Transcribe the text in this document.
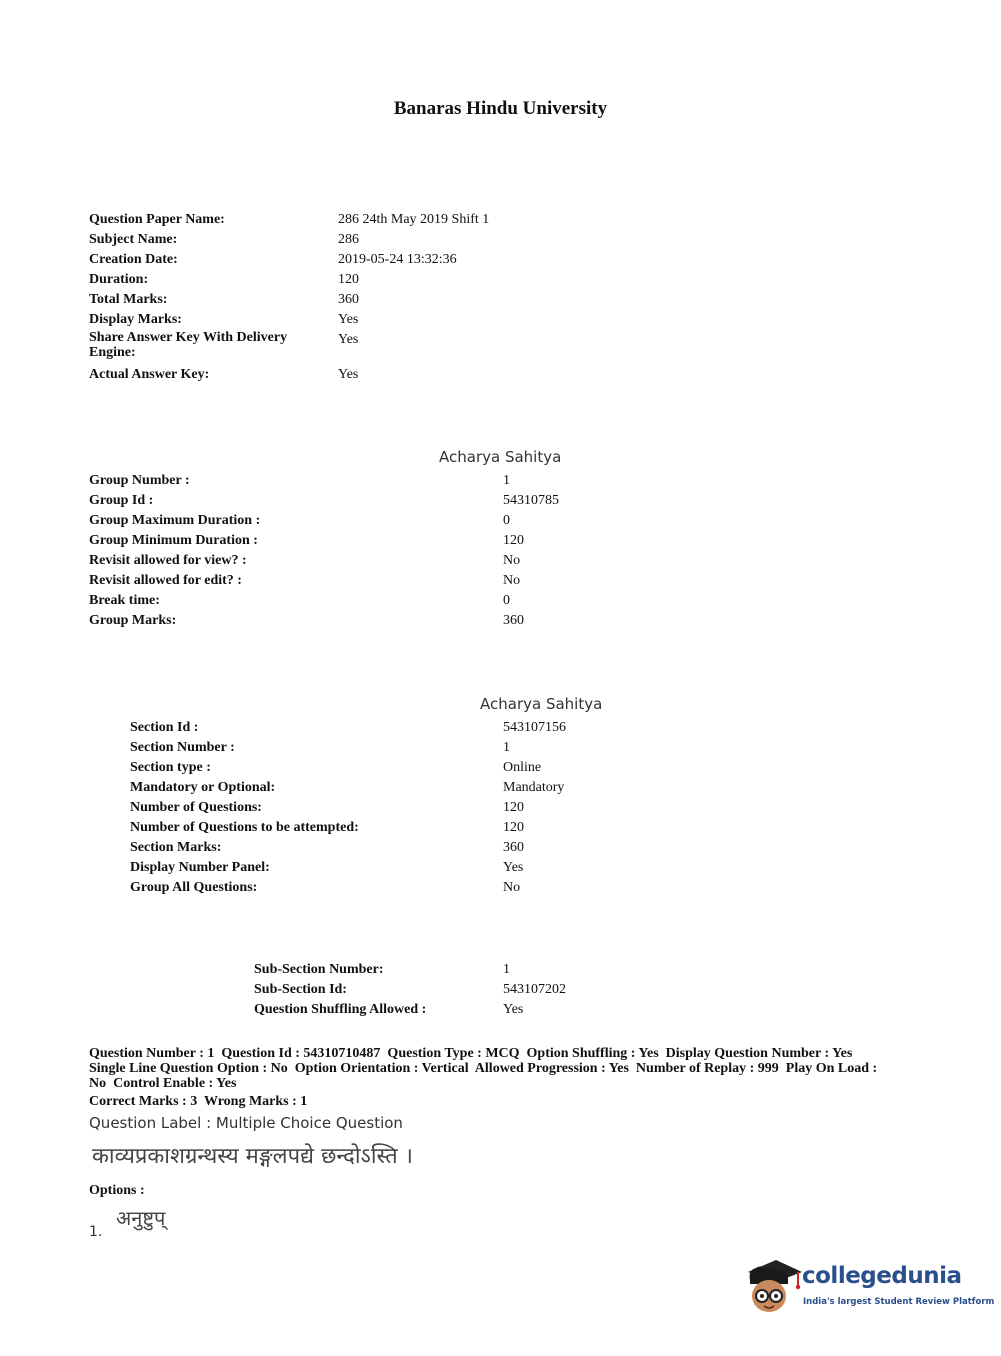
Banaras Hindu University
Question Paper Name:	286 24th May 2019 Shift 1
Subject Name:	286
Creation Date:	2019-05-24 13:32:36
Duration:	120
Total Marks:	360
Display Marks:	Yes
Share Answer Key With Delivery
Engine:
Yes
Actual Answer Key:	Yes
Acharya Sahitya
Group Number :	1
Group Id :	54310785
Group Maximum Duration :	0
Group Minimum Duration :	120
Revisit allowed for view? :	No
Revisit allowed for edit? :	No
Break time:	0
Group Marks:	360
Acharya Sahitya
Section Id :	543107156
Section Number :	1
Section type :	Online
Mandatory or Optional:	Mandatory
Number of Questions:	120
Number of Questions to be attempted:	120
Section Marks:	360
Display Number Panel:	Yes
Group All Questions:	No
Sub-Section Number:	1
Sub-Section Id:	543107202
Question Shuffling Allowed :	Yes
Question Number : 1  Question Id : 54310710487  Question Type : MCQ  Option Shuffling : Yes  Display Question Number : Yes
Single Line Question Option : No  Option Orientation : Vertical  Allowed Progression : Yes  Number of Replay : 999  Play On Load :
No  Control Enable : Yes
Correct Marks : 3  Wrong Marks : 1
Question Label : Multiple Choice Question
काव्यप्रकाशग्रन्थस्य मङ्गलपद्ये छन्दोऽस्ति ।
Options :
1.
अनुष्टुप्
collegedunia
India's largest Student Review Platform
